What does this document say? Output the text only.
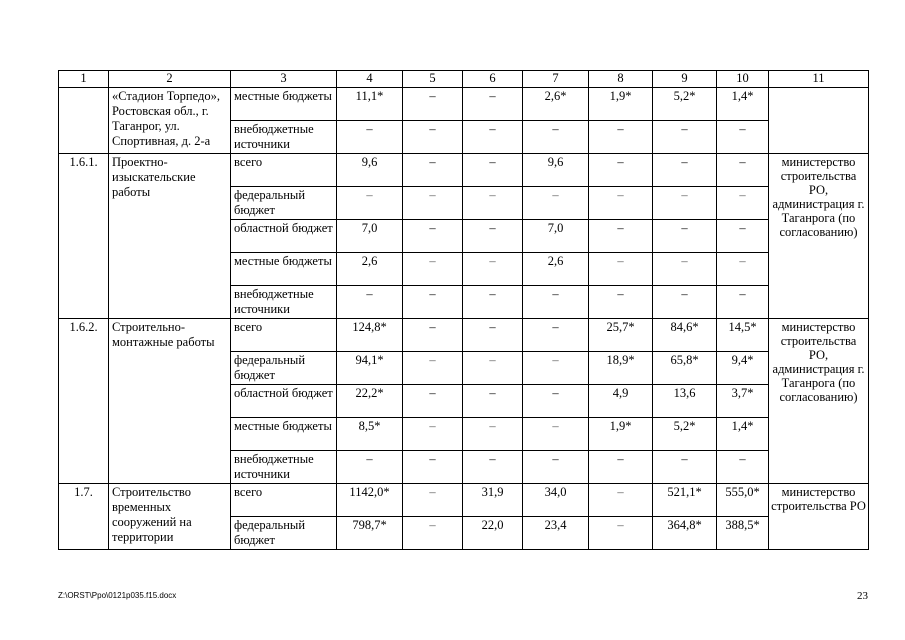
1	2	3	4	5	6	7	8	9	10	11
	«Стадион Торпедо», Ростовская обл., г. Таганрог, ул. Спортивная, д. 2-а	местные бюджеты	11,1*	–	–	2,6*	1,9*	5,2*	1,4*	
		внебюджетные источники	–	–	–	–	–	–	–	
1.6.1.	Проектно-изыскательские работы	всего	9,6	–	–	9,6	–	–	–	министерство строительства РО, администрация г. Таганрога (по согласованию)
		федеральный бюджет	–	–	–	–	–	–	–	
		областной бюджет	7,0	–	–	7,0	–	–	–	
		местные бюджеты	2,6	–	–	2,6	–	–	–	
		внебюджетные источники	–	–	–	–	–	–	–	
1.6.2.	Строительно-монтажные работы	всего	124,8*	–	–	–	25,7*	84,6*	14,5*	министерство строительства РО, администрация г. Таганрога (по согласованию)
		федеральный бюджет	94,1*	–	–	–	18,9*	65,8*	9,4*	
		областной бюджет	22,2*	–	–	–	4,9	13,6	3,7*	
		местные бюджеты	8,5*	–	–	–	1,9*	5,2*	1,4*	
		внебюджетные источники	–	–	–	–	–	–	–	
1.7.	Строительство временных сооружений на территории	всего	1142,0*	–	31,9	34,0	–	521,1*	555,0*	министерство строительства РО
		федеральный бюджет	798,7*	–	22,0	23,4	–	364,8*	388,5*	
Z:\ORST\Ppo\0121p035.f15.docx	23
